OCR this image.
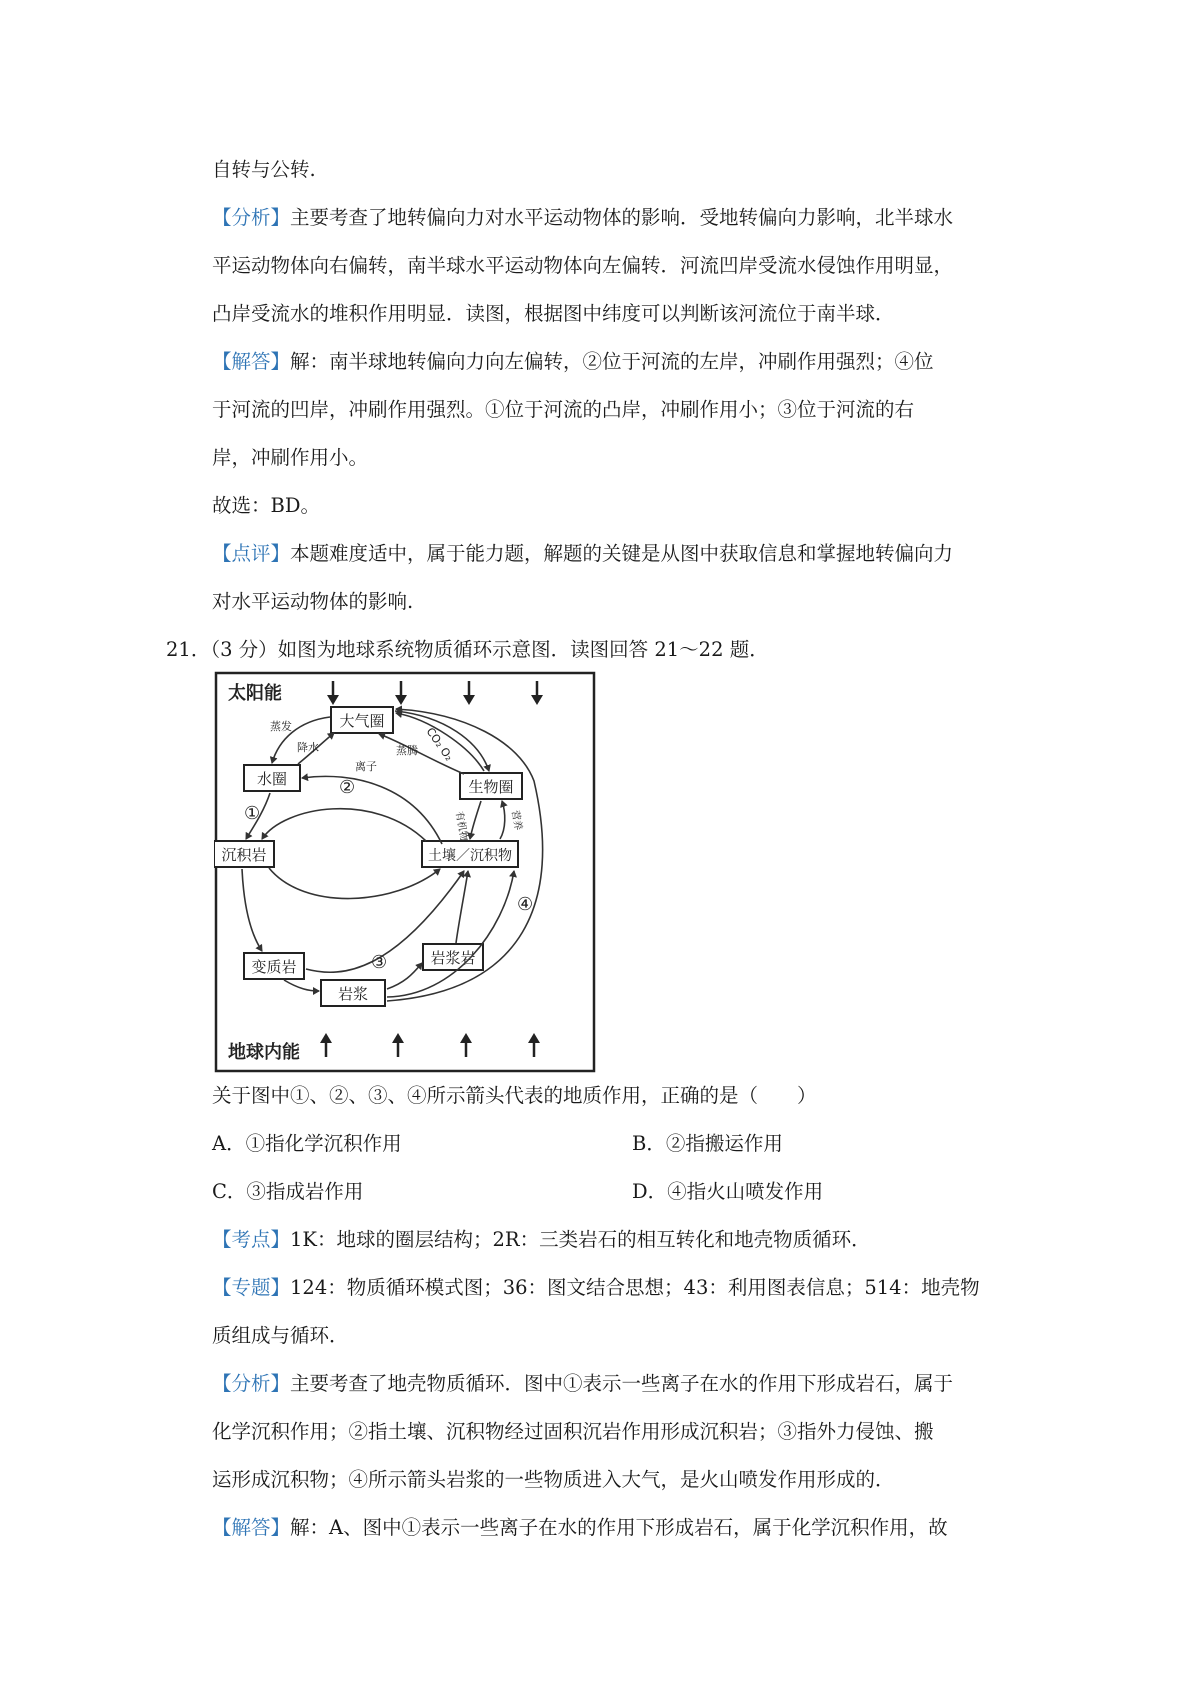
自转与公转.
【分析】主要考查了地转偏向力对水平运动物体的影响．受地转偏向力影响，北半球水
平运动物体向右偏转，南半球水平运动物体向左偏转．河流凹岸受流水侵蚀作用明显，
凸岸受流水的堆积作用明显．读图，根据图中纬度可以判断该河流位于南半球．
【解答】解：南半球地转偏向力向左偏转，②位于河流的左岸，冲刷作用强烈；④位
于河流的凹岸，冲刷作用强烈。①位于河流的凸岸，冲刷作用小；③位于河流的右
岸，冲刷作用小。
故选：BD。
【点评】本题难度适中，属于能力题，解题的关键是从图中获取信息和掌握地转偏向力
对水平运动物体的影响.
21．（3 分）如图为地球系统物质循环示意图．读图回答 21～22 题．
太阳能
地球内能
大气圈
水圈	生物圈
沉积岩	土壤／沉积物
变质岩	岩浆岩
岩浆
蒸发
降水
离子
蒸腾 CO₂ O₂
有机物	营养
①
②
③
④
关于图中①、②、③、④所示箭头代表的地质作用，正确的是（　　）
A．①指化学沉积作用	B．②指搬运作用
C．③指成岩作用	D．④指火山喷发作用
【考点】1K：地球的圈层结构；2R：三类岩石的相互转化和地壳物质循环．
【专题】124：物质循环模式图；36：图文结合思想；43：利用图表信息；514：地壳物
质组成与循环．
【分析】主要考查了地壳物质循环．图中①表示一些离子在水的作用下形成岩石，属于
化学沉积作用；②指土壤、沉积物经过固积沉岩作用形成沉积岩；③指外力侵蚀、搬
运形成沉积物；④所示箭头岩浆的一些物质进入大气，是火山喷发作用形成的．
【解答】解：A、图中①表示一些离子在水的作用下形成岩石，属于化学沉积作用，故
